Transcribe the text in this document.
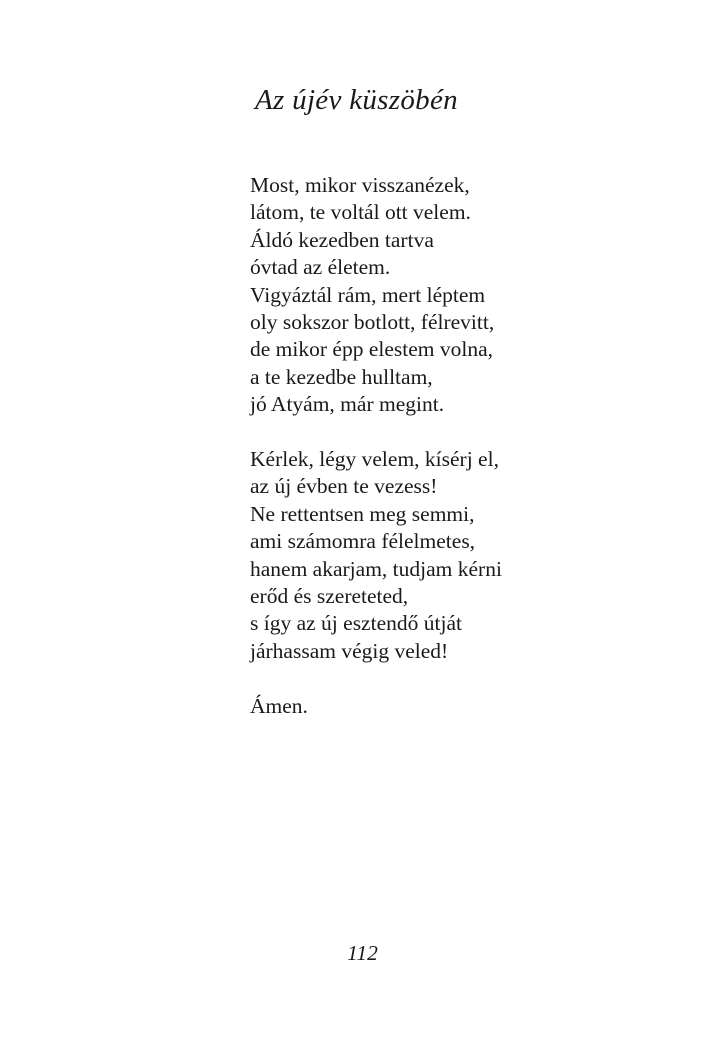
Az újév küszöbén

Most, mikor visszanézek,
látom, te voltál ott velem.
Áldó kezedben tartva
óvtad az életem.
Vigyáztál rám, mert léptem
oly sokszor botlott, félrevitt,
de mikor épp elestem volna,
a te kezedbe hulltam,
jó Atyám, már megint.

Kérlek, légy velem, kísérj el,
az új évben te vezess!
Ne rettentsen meg semmi,
ami számomra félelmetes,
hanem akarjam, tudjam kérni
erőd és szereteted,
s így az új esztendő útját
járhassam végig veled!

Ámen.

112
